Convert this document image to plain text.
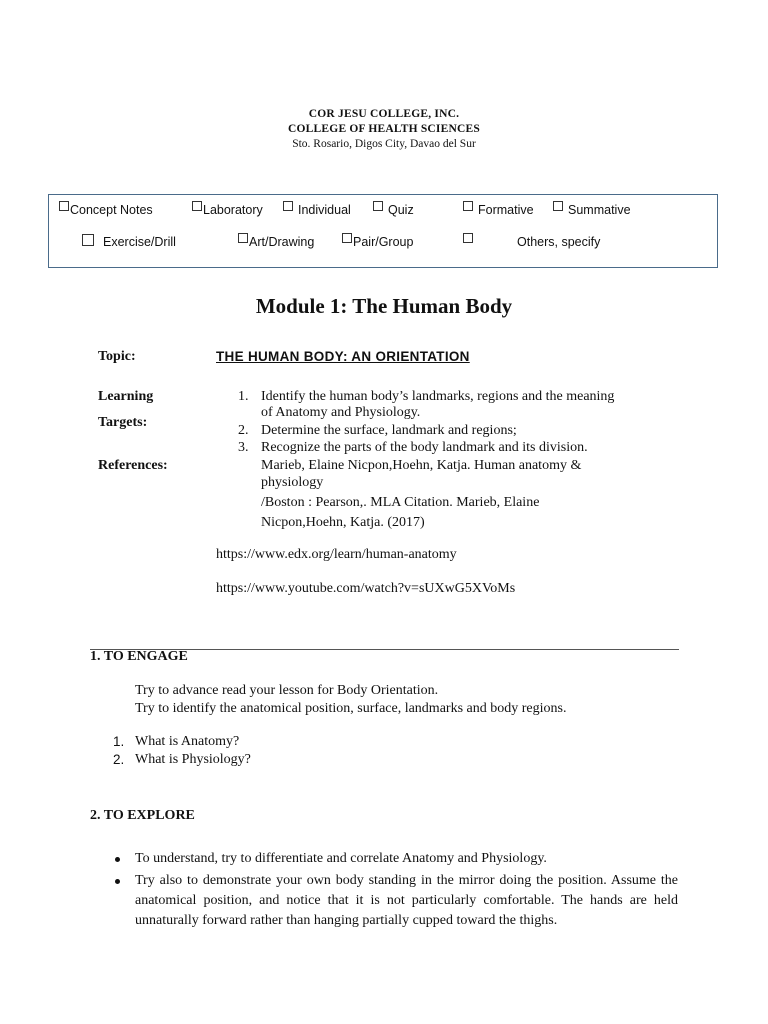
COR JESU COLLEGE, INC.
COLLEGE OF HEALTH SCIENCES
Sto. Rosario, Digos City, Davao del Sur
Concept Notes	Laboratory	Individual	Quiz	Formative	Summative
Exercise/Drill	Art/Drawing	Pair/Group	Others, specify
Module 1: The Human Body
Topic:	THE HUMAN BODY: AN ORIENTATION
Learning
Targets:
1. Identify the human body’s landmarks, regions and the meaning
of Anatomy and Physiology.
2. Determine the surface, landmark and regions;
3. Recognize the parts of the body landmark and its division.
References:	Marieb, Elaine Nicpon,Hoehn, Katja. Human anatomy &
physiology
/Boston : Pearson,. MLA Citation. Marieb, Elaine
Nicpon,Hoehn, Katja. (2017)
https://www.edx.org/learn/human-anatomy
https://www.youtube.com/watch?v=sUXwG5XVoMs
1. TO ENGAGE
Try to advance read your lesson for Body Orientation.
Try to identify the anatomical position, surface, landmarks and body regions.
1. What is Anatomy?
2. What is Physiology?
2. TO EXPLORE
To understand, try to differentiate and correlate Anatomy and Physiology.
Try also to demonstrate your own body standing in the mirror doing the position. Assume the anatomical position, and notice that it is not particularly comfortable. The hands are held unnaturally forward rather than hanging partially cupped toward the thighs.
